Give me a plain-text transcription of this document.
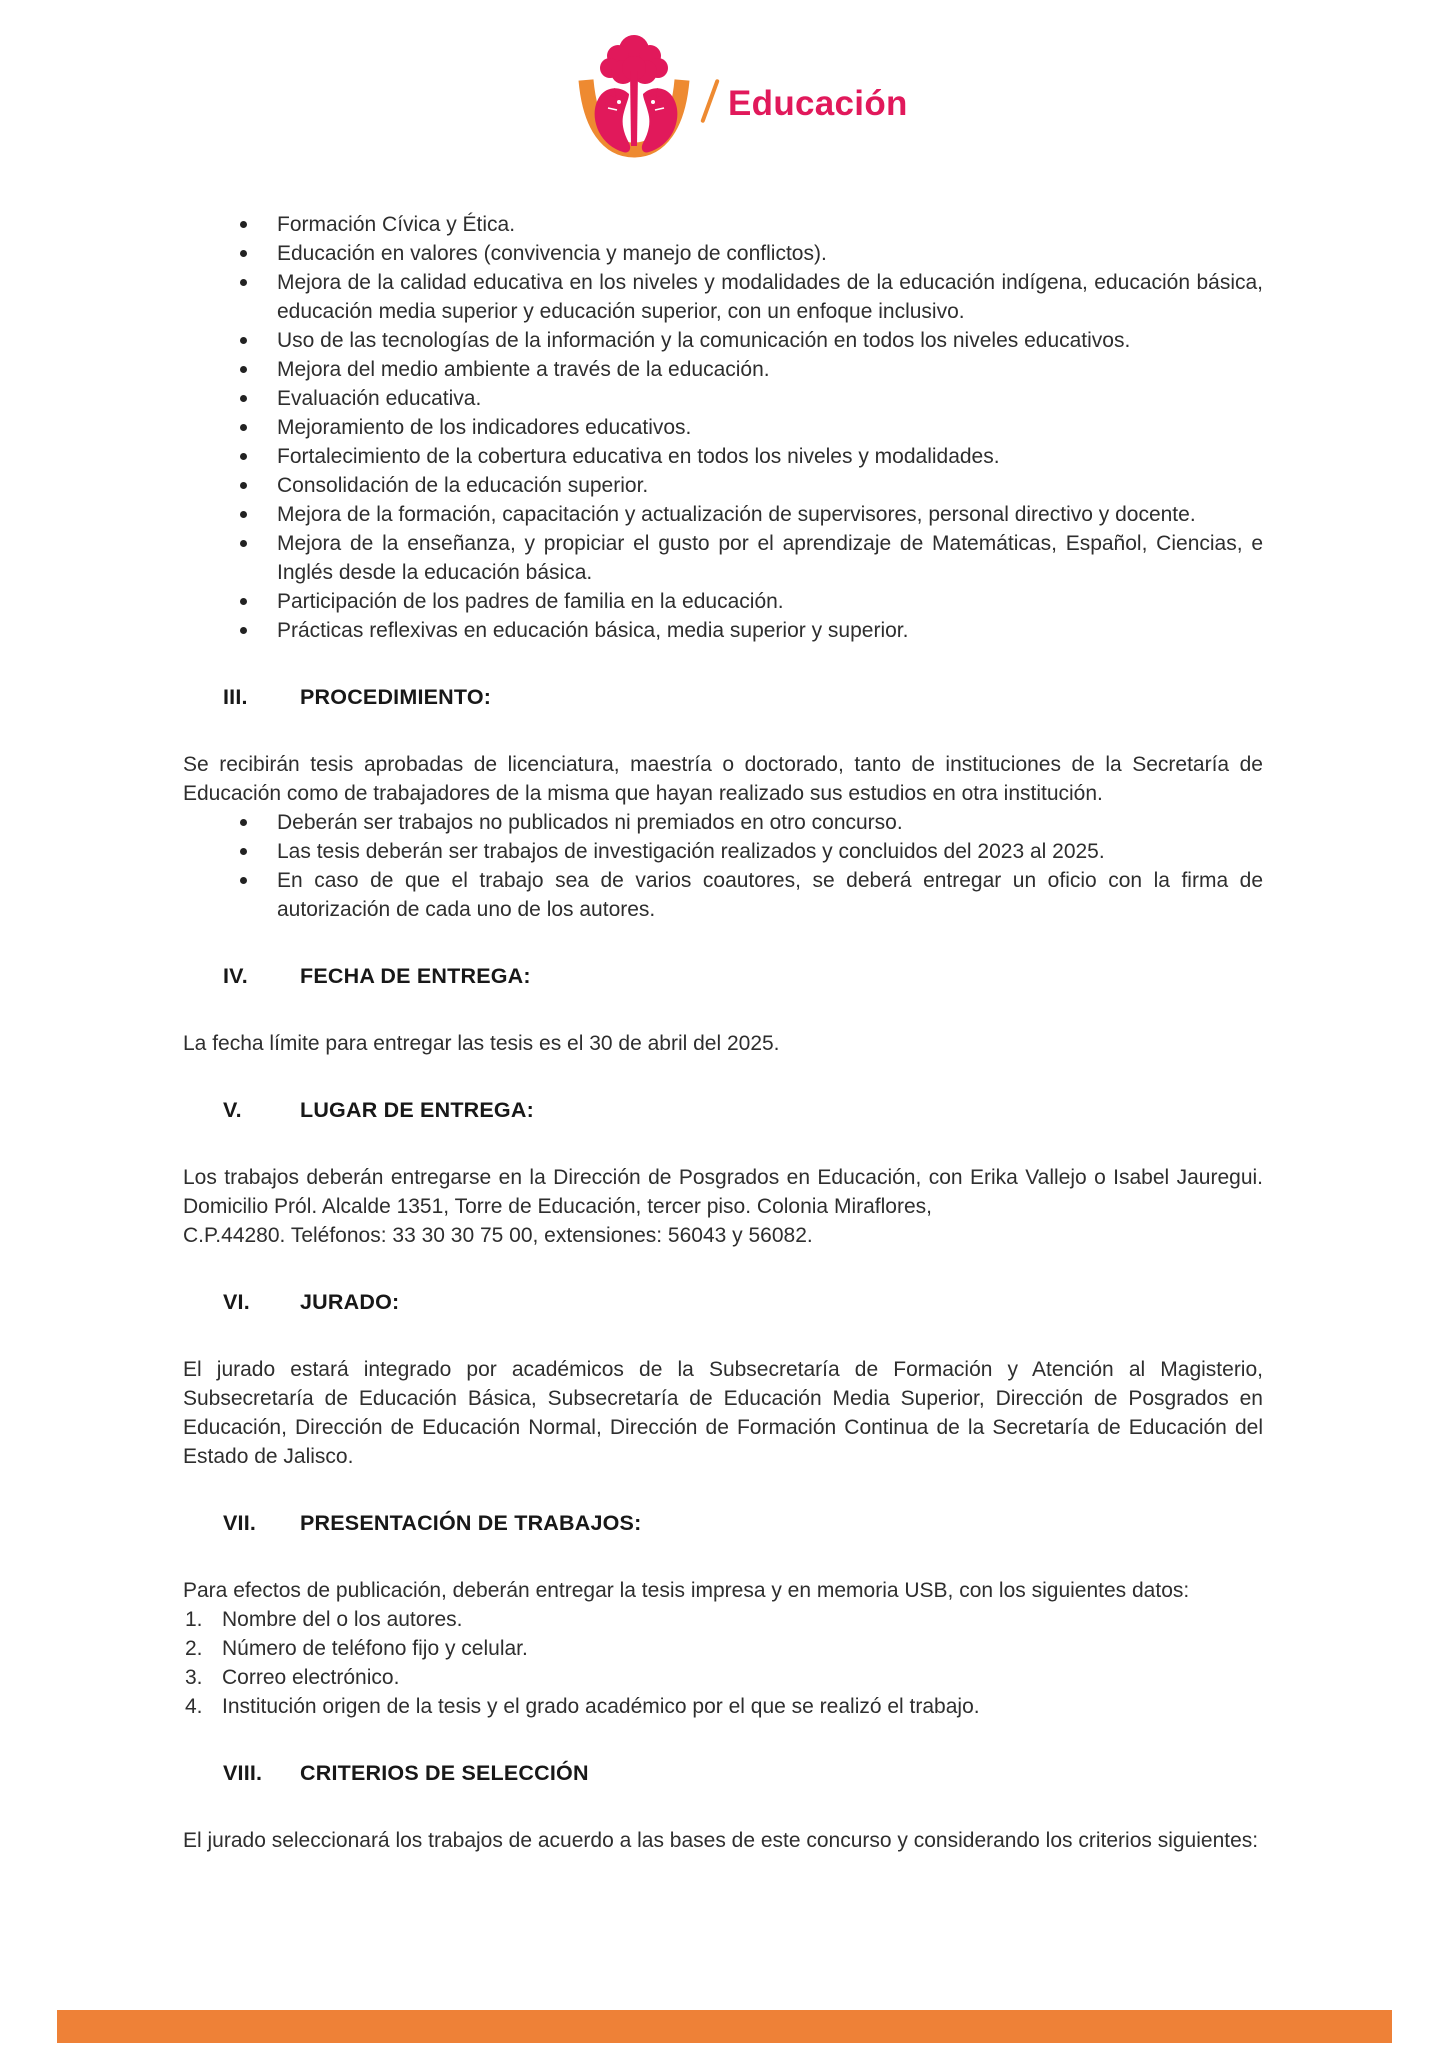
Educación
Formación Cívica y Ética.
Educación en valores (convivencia y manejo de conflictos).
Mejora de la calidad educativa en los niveles y modalidades de la educación indígena, educación básica, educación media superior y educación superior, con un enfoque inclusivo.
Uso de las tecnologías de la información y la comunicación en todos los niveles educativos.
Mejora del medio ambiente a través de la educación.
Evaluación educativa.
Mejoramiento de los indicadores educativos.
Fortalecimiento de la cobertura educativa en todos los niveles y modalidades.
Consolidación de la educación superior.
Mejora de la formación, capacitación y actualización de supervisores, personal directivo y docente.
Mejora de la enseñanza, y propiciar el gusto por el aprendizaje de Matemáticas, Español, Ciencias, e Inglés desde la educación básica.
Participación de los padres de familia en la educación.
Prácticas reflexivas en educación básica, media superior y superior.
III.	PROCEDIMIENTO:

Se recibirán tesis aprobadas de licenciatura, maestría o doctorado, tanto de instituciones de la Secretaría de Educación como de trabajadores de la misma que hayan realizado sus estudios en otra institución.

Deberán ser trabajos no publicados ni premiados en otro concurso.
Las tesis deberán ser trabajos de investigación realizados y concluidos del 2023 al 2025.
En caso de que el trabajo sea de varios coautores, se deberá entregar un oficio con la firma de autorización de cada uno de los autores.
IV.	FECHA DE ENTREGA:

La fecha límite para entregar las tesis es el 30 de abril del 2025.

V.	LUGAR DE ENTREGA:

Los trabajos deberán entregarse en la Dirección de Posgrados en Educación, con Erika Vallejo o Isabel Jauregui. Domicilio Pról. Alcalde 1351, Torre de Educación, tercer piso. Colonia Miraflores,

C.P.44280. Teléfonos: 33 30 30 75 00, extensiones: 56043 y 56082.

VI.	JURADO:

El jurado estará integrado por académicos de la Subsecretaría de Formación y Atención al Magisterio, Subsecretaría de Educación Básica, Subsecretaría de Educación Media Superior, Dirección de Posgrados en Educación, Dirección de Educación Normal, Dirección de Formación Continua de la Secretaría de Educación del Estado de Jalisco.

VII.	PRESENTACIÓN DE TRABAJOS:

Para efectos de publicación, deberán entregar la tesis impresa y en memoria USB, con los siguientes datos:

1. Nombre del o los autores.
2. Número de teléfono fijo y celular.
3. Correo electrónico.
4. Institución origen de la tesis y el grado académico por el que se realizó el trabajo.
VIII.	CRITERIOS DE SELECCIÓN

El jurado seleccionará los trabajos de acuerdo a las bases de este concurso y considerando los criterios siguientes:
